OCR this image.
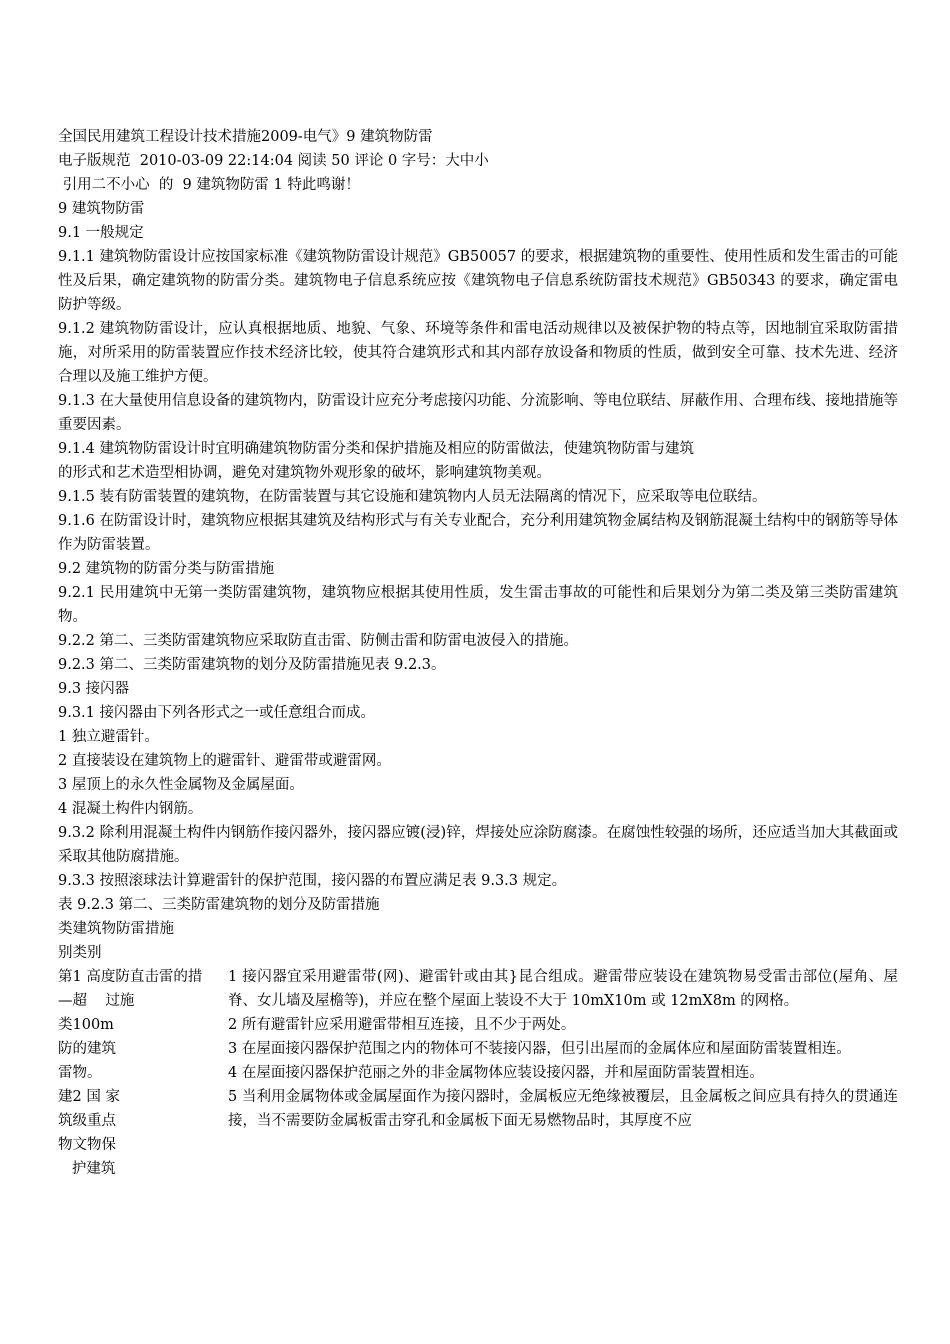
全国民用建筑工程设计技术措施2009-电气》9 建筑物防雷

电子版规范  2010-03-09 22:14:04 阅读 50 评论 0 字号：大中小

引用二不小心  的  9 建筑物防雷 1 特此鸣谢！

9 建筑物防雷

9.1 一般规定

9.1.1 建筑物防雷设计应按国家标准《建筑物防雷设计规范》GB50057 的要求，根据建筑物的重要性、使用性质和发生雷击的可能性及后果，确定建筑物的防雷分类。建筑物电子信息系统应按《建筑物电子信息系统防雷技术规范》GB50343 的要求，确定雷电防护等级。

9.1.2 建筑物防雷设计，应认真根据地质、地貌、气象、环境等条件和雷电活动规律以及被保护物的特点等，因地制宜采取防雷措施，对所采用的防雷装置应作技术经济比较，使其符合建筑形式和其内部存放设备和物质的性质，做到安全可靠、技术先进、经济合理以及施工维护方便。

9.1.3 在大量使用信息设备的建筑物内，防雷设计应充分考虑接闪功能、分流影响、等电位联结、屏蔽作用、合理布线、接地措施等重要因素。

9.1.4 建筑物防雷设计时宜明确建筑物防雷分类和保护措施及相应的防雷做法，使建筑物防雷与建筑

的形式和艺术造型相协调，避免对建筑物外观形象的破坏，影响建筑物美观。

9.1.5 装有防雷装置的建筑物，在防雷装置与其它设施和建筑物内人员无法隔离的情况下，应采取等电位联结。

9.1.6 在防雷设计时，建筑物应根据其建筑及结构形式与有关专业配合，充分利用建筑物金属结构及钢筋混凝土结构中的钢筋等导体作为防雷装置。

9.2 建筑物的防雷分类与防雷措施

9.2.1 民用建筑中无第一类防雷建筑物，建筑物应根据其使用性质，发生雷击事故的可能性和后果划分为第二类及第三类防雷建筑物。

9.2.2 第二、三类防雷建筑物应采取防直击雷、防侧击雷和防雷电波侵入的措施。

9.2.3 第二、三类防雷建筑物的划分及防雷措施见表 9.2.3。

9.3 接闪器

9.3.1 接闪器由下列各形式之一或任意组合而成。

1 独立避雷针。

2 直接装设在建筑物上的避雷针、避雷带或避雷网。

3 屋顶上的永久性金属物及金属屋面。

4 混凝土构件内钢筋。

9.3.2 除利用混凝土构件内钢筋作接闪器外，接闪器应镀(浸)锌，焊接处应涂防腐漆。在腐蚀性较强的场所，还应适当加大其截面或采取其他防腐措施。

9.3.3 按照滚球法计算避雷针的保护范围，接闪器的布置应满足表 9.3.3 规定。

表 9.2.3 第二、三类防雷建筑物的划分及防雷措施

类建筑物防雷措施

别类别

第1 高度防直击雷的措

—超    过施

类100m

防的建筑

雷物。

建2 国 家

筑级重点

物文物保

护建筑

1 接闪器宜采用避雷带(网)、避雷针或由其}昆合组成。避雷带应装设在建筑物易受雷击部位(屋角、屋脊、女儿墙及屋檐等)，并应在整个屋面上装设不大于 10mX10m 或 12mX8m 的网格。

2 所有避雷针应采用避雷带相互连接，且不少于两处。

3 在屋面接闪器保护范围之内的物体可不装接闪器，但引出屋而的金属体应和屋面防雷装置相连。

4 在屋面接闪器保护范丽之外的非金属物体应装设接闪器，并和屋面防雷装置相连。

5 当利用金属物体或金属屋面作为接闪器时，金属板应无绝缘被覆层，且金属板之间应具有持久的贯通连接，当不需要防金属板雷击穿孔和金属板下面无易燃物品时，其厚度不应
